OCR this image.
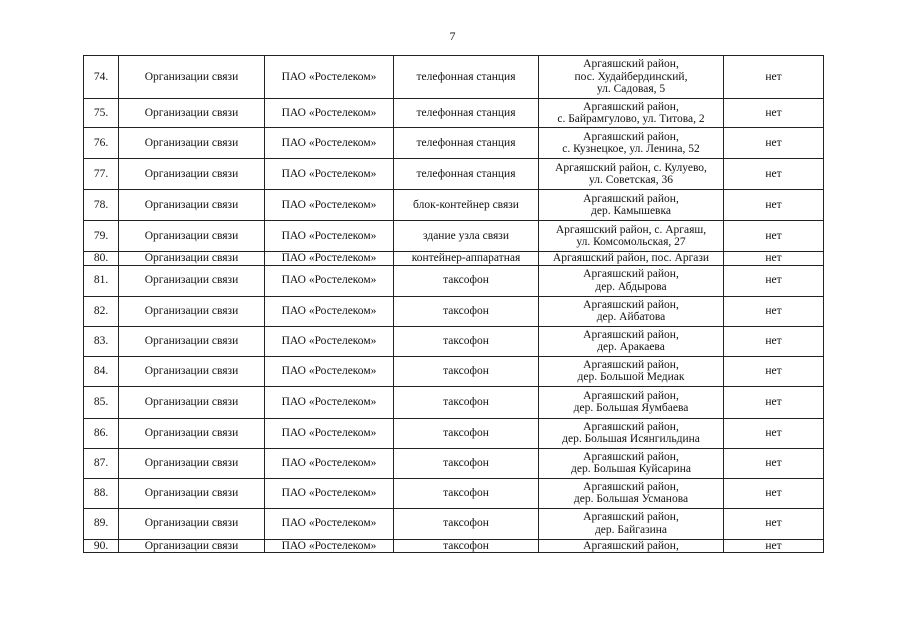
7
74.	Организации связи	ПАО «Ростелеком»	телефонная станция	Аргаяшский район,
пос. Худайбердинский,
ул. Садовая, 5	нет
75.	Организации связи	ПАО «Ростелеком»	телефонная станция	Аргаяшский район,
с. Байрамгулово, ул. Титова, 2	нет
76.	Организации связи	ПАО «Ростелеком»	телефонная станция	Аргаяшский район,
с. Кузнецкое, ул. Ленина, 52	нет
77.	Организации связи	ПАО «Ростелеком»	телефонная станция	Аргаяшский район, с. Кулуево,
ул. Советская, 36	нет
78.	Организации связи	ПАО «Ростелеком»	блок-контейнер связи	Аргаяшский район,
дер. Камышевка	нет
79.	Организации связи	ПАО «Ростелеком»	здание узла связи	Аргаяшский район, с. Аргаяш,
ул. Комсомольская, 27	нет
80.	Организации связи	ПАО «Ростелеком»	контейнер-аппаратная	Аргаяшский район, пос. Аргази	нет
81.	Организации связи	ПАО «Ростелеком»	таксофон	Аргаяшский район,
дер. Абдырова	нет
82.	Организации связи	ПАО «Ростелеком»	таксофон	Аргаяшский район,
дер. Айбатова	нет
83.	Организации связи	ПАО «Ростелеком»	таксофон	Аргаяшский район,
дер. Аракаева	нет
84.	Организации связи	ПАО «Ростелеком»	таксофон	Аргаяшский район,
дер. Большой Медиак	нет
85.	Организации связи	ПАО «Ростелеком»	таксофон	Аргаяшский район,
дер. Большая Яумбаева	нет
86.	Организации связи	ПАО «Ростелеком»	таксофон	Аргаяшский район,
дер. Большая Исянгильдина	нет
87.	Организации связи	ПАО «Ростелеком»	таксофон	Аргаяшский район,
дер. Большая Куйсарина	нет
88.	Организации связи	ПАО «Ростелеком»	таксофон	Аргаяшский район,
дер. Большая Усманова	нет
89.	Организации связи	ПАО «Ростелеком»	таксофон	Аргаяшский район,
дер. Байгазина	нет
90.	Организации связи	ПАО «Ростелеком»	таксофон	Аргаяшский район,	нет
